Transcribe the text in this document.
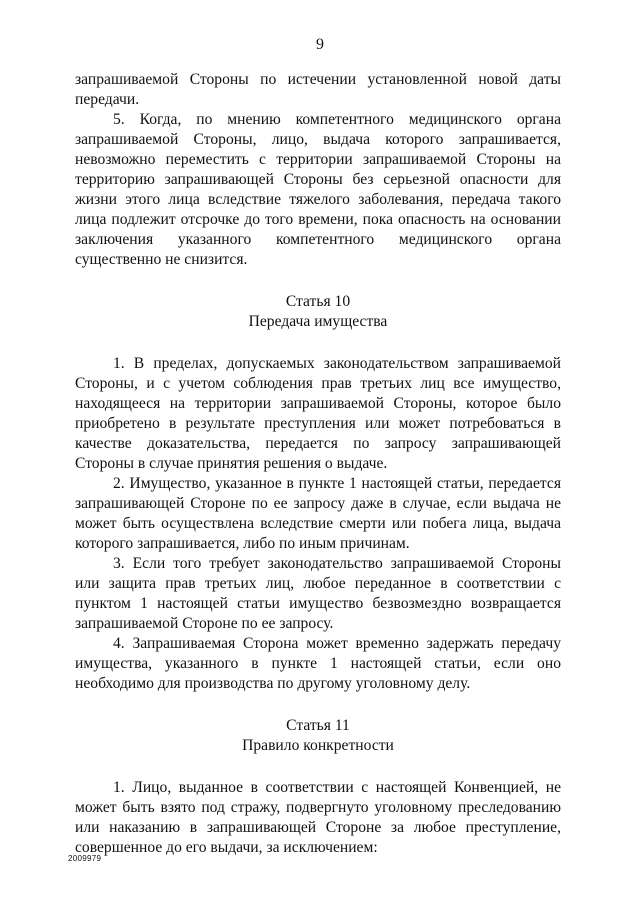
9

запрашиваемой Стороны по истечении установленной новой даты передачи.

5. Когда, по мнению компетентного медицинского органа запрашиваемой Стороны, лицо, выдача которого запрашивается, невозможно переместить с территории запрашиваемой Стороны на территорию запрашивающей Стороны без серьезной опасности для жизни этого лица вследствие тяжелого заболевания, передача такого лица подлежит отсрочке до того времени, пока опасность на основании заключения указанного компетентного медицинского органа существенно не снизится.

Статья 10

Передача имущества

1. В пределах, допускаемых законодательством запрашиваемой Стороны, и с учетом соблюдения прав третьих лиц все имущество, находящееся на территории запрашиваемой Стороны, которое было приобретено в результате преступления или может потребоваться в качестве доказательства, передается по запросу запрашивающей Стороны в случае принятия решения о выдаче.

2. Имущество, указанное в пункте 1 настоящей статьи, передается запрашивающей Стороне по ее запросу даже в случае, если выдача не может быть осуществлена вследствие смерти или побега лица, выдача которого запрашивается, либо по иным причинам.

3. Если того требует законодательство запрашиваемой Стороны или защита прав третьих лиц, любое переданное в соответствии с пунктом 1 настоящей статьи имущество безвозмездно возвращается запрашиваемой Стороне по ее запросу.

4. Запрашиваемая Сторона может временно задержать передачу имущества, указанного в пункте 1 настоящей статьи, если оно необходимо для производства по другому уголовному делу.

Статья 11

Правило конкретности

1. Лицо, выданное в соответствии с настоящей Конвенцией, не может быть взято под стражу, подвергнуто уголовному преследованию или наказанию в запрашивающей Стороне за любое преступление, совершенное до его выдачи, за исключением:

2009979
